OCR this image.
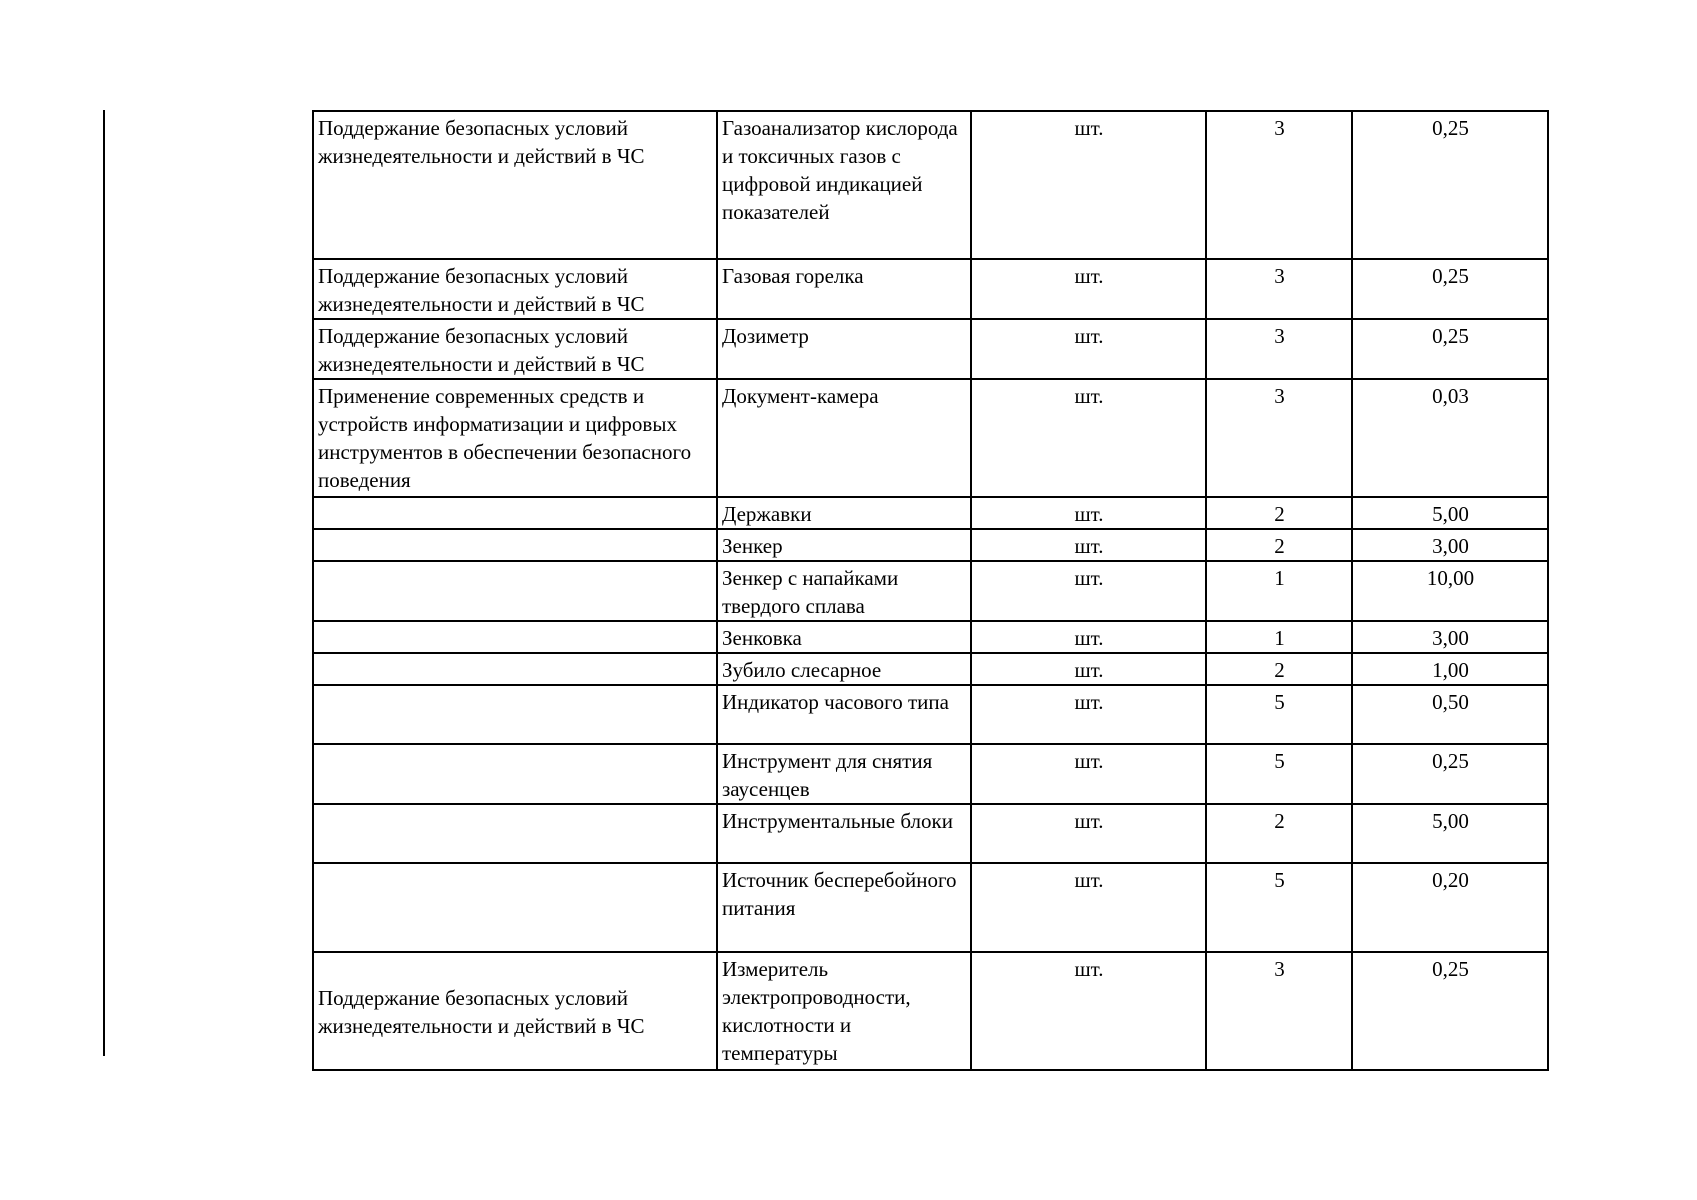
Поддержание безопасных условий жизнедеятельности и действий в ЧС	Газоанализатор кислорода и токсичных газов с цифровой индикацией показателей	шт.	3	0,25
Поддержание безопасных условий жизнедеятельности и действий в ЧС	Газовая горелка	шт.	3	0,25
Поддержание безопасных условий жизнедеятельности и действий в ЧС	Дозиметр	шт.	3	0,25
Применение современных средств и устройств информатизации и цифровых инструментов в обеспечении безопасного поведения	Документ-камера	шт.	3	0,03
	Державки	шт.	2	5,00
	Зенкер	шт.	2	3,00
	Зенкер с напайками твердого сплава	шт.	1	10,00
	Зенковка	шт.	1	3,00
	Зубило слесарное	шт.	2	1,00
	Индикатор часового типа	шт.	5	0,50
	Инструмент для снятия заусенцев	шт.	5	0,25
	Инструментальные блоки	шт.	2	5,00
	Источник бесперебойного питания	шт.	5	0,20
Поддержание безопасных условий жизнедеятельности и действий в ЧС	Измеритель электропроводности, кислотности и температуры	шт.	3	0,25
